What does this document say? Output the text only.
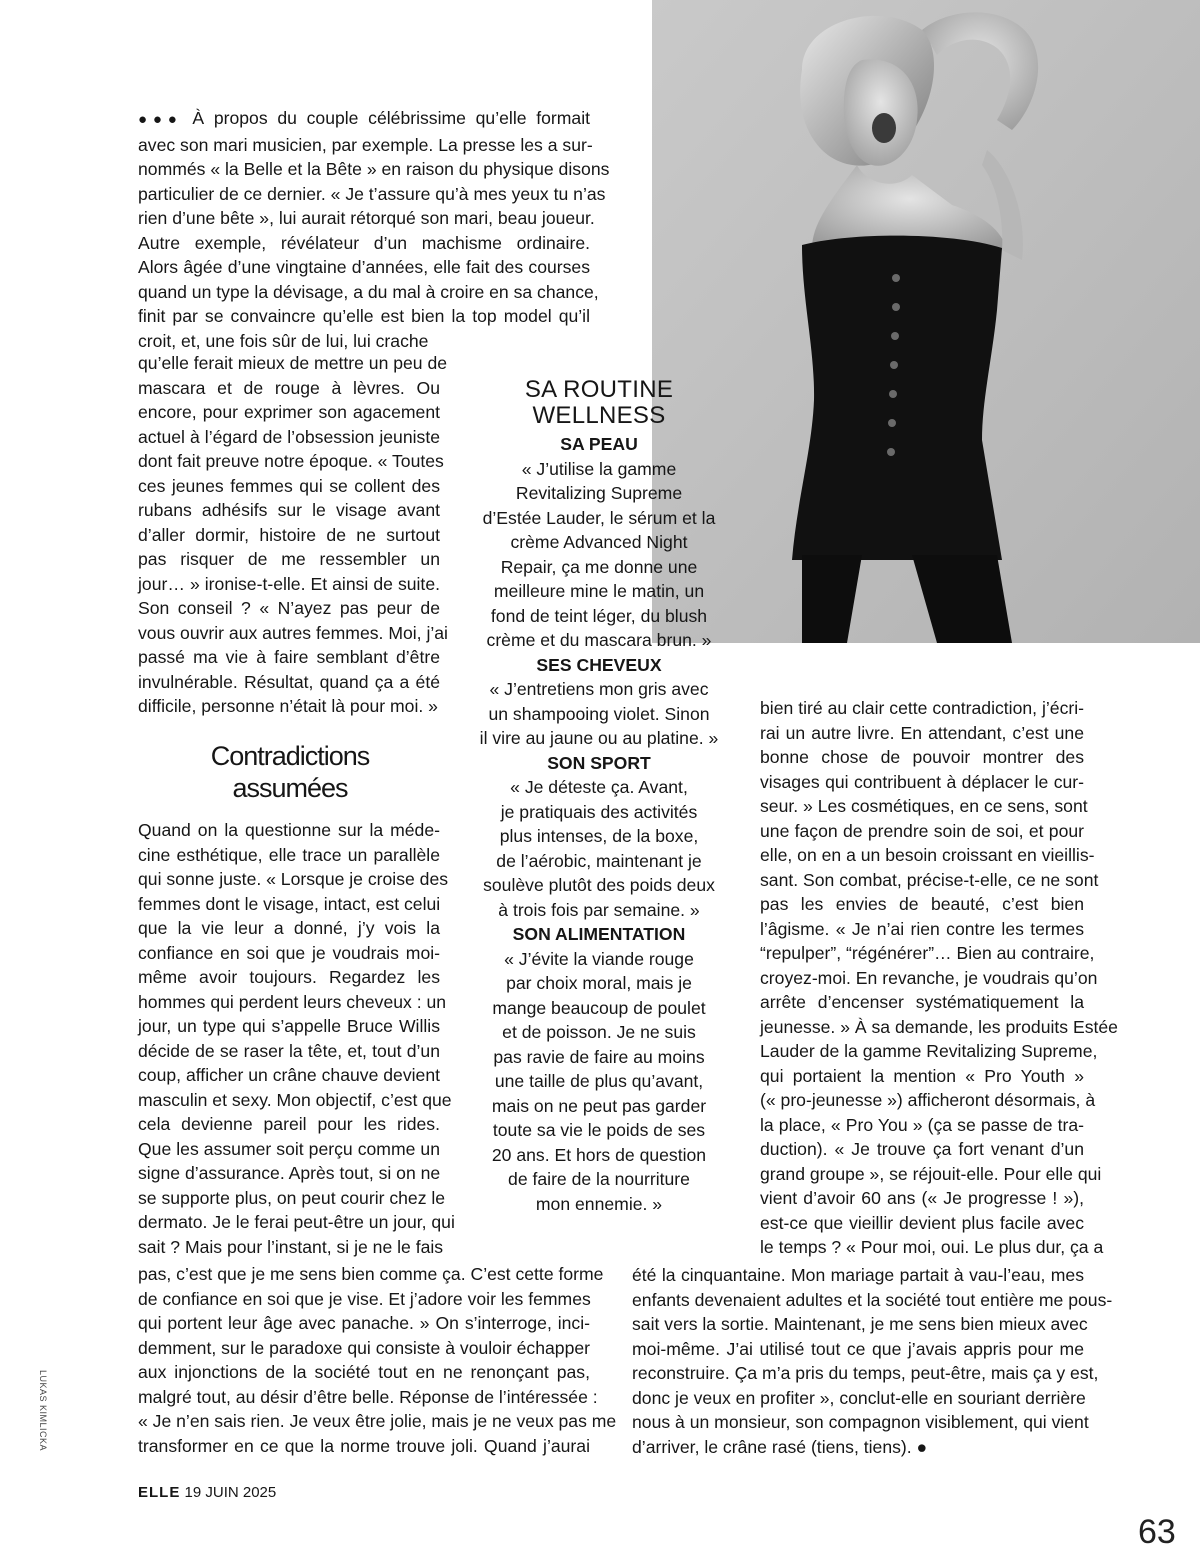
●●● À propos du couple célébrissime qu’elle formait
avec son mari musicien, par exemple. La presse les a sur-
nommés « la Belle et la Bête » en raison du physique disons
particulier de ce dernier. « Je t’assure qu’à mes yeux tu n’as
rien d’une bête », lui aurait rétorqué son mari, beau joueur.
Autre exemple, révélateur d’un machisme ordinaire.
Alors âgée d’une vingtaine d’années, elle fait des courses
quand un type la dévisage, a du mal à croire en sa chance,
finit par se convaincre qu’elle est bien la top model qu’il
croit, et, une fois sûr de lui, lui crache
qu’elle ferait mieux de mettre un peu de
mascara et de rouge à lèvres. Ou
encore, pour exprimer son agacement
actuel à l’égard de l’obsession jeuniste
dont fait preuve notre époque. « Toutes
ces jeunes femmes qui se collent des
rubans adhésifs sur le visage avant
d’aller dormir, histoire de ne surtout
pas risquer de me ressembler un
jour… » ironise-t-elle. Et ainsi de suite.
Son conseil ? « N’ayez pas peur de
vous ouvrir aux autres femmes. Moi, j’ai
passé ma vie à faire semblant d’être
invulnérable. Résultat, quand ça a été
difficile, personne n’était là pour moi. »
Contradictions
assumées
Quand on la questionne sur la méde-
cine esthétique, elle trace un parallèle
qui sonne juste. « Lorsque je croise des
femmes dont le visage, intact, est celui
que la vie leur a donné, j’y vois la
confiance en soi que je voudrais moi-
même avoir toujours. Regardez les
hommes qui perdent leurs cheveux : un
jour, un type qui s’appelle Bruce Willis
décide de se raser la tête, et, tout d’un
coup, afficher un crâne chauve devient
masculin et sexy. Mon objectif, c’est que
cela devienne pareil pour les rides.
Que les assumer soit perçu comme un
signe d’assurance. Après tout, si on ne
se supporte plus, on peut courir chez le
dermato. Je le ferai peut-être un jour, qui
sait ? Mais pour l’instant, si je ne le fais
pas, c’est que je me sens bien comme ça. C’est cette forme
de confiance en soi que je vise. Et j’adore voir les femmes
qui portent leur âge avec panache. » On s’interroge, inci-
demment, sur le paradoxe qui consiste à vouloir échapper
aux injonctions de la société tout en ne renonçant pas,
malgré tout, au désir d’être belle. Réponse de l’intéressée :
« Je n’en sais rien. Je veux être jolie, mais je ne veux pas me
transformer en ce que la norme trouve joli. Quand j’aurai
SA ROUTINE
WELLNESS
SA PEAU
« J’utilise la gamme
Revitalizing Supreme
d’Estée Lauder, le sérum et la
crème Advanced Night
Repair, ça me donne une
meilleure mine le matin, un
fond de teint léger, du blush
crème et du mascara brun. »
SES CHEVEUX
« J’entretiens mon gris avec
un shampooing violet. Sinon
il vire au jaune ou au platine. »
SON SPORT
« Je déteste ça. Avant,
je pratiquais des activités
plus intenses, de la boxe,
de l’aérobic, maintenant je
soulève plutôt des poids deux
à trois fois par semaine. »
SON ALIMENTATION
« J’évite la viande rouge
par choix moral, mais je
mange beaucoup de poulet
et de poisson. Je ne suis
pas ravie de faire au moins
une taille de plus qu’avant,
mais on ne peut pas garder
toute sa vie le poids de ses
20 ans. Et hors de question
de faire de la nourriture
mon ennemie. »
bien tiré au clair cette contradiction, j’écri-
rai un autre livre. En attendant, c’est une
bonne chose de pouvoir montrer des
visages qui contribuent à déplacer le cur-
seur. » Les cosmétiques, en ce sens, sont
une façon de prendre soin de soi, et pour
elle, on en a un besoin croissant en vieillis-
sant. Son combat, précise-t-elle, ce ne sont
pas les envies de beauté, c’est bien
l’âgisme. « Je n’ai rien contre les termes
“repulper”, “régénérer”… Bien au contraire,
croyez-moi. En revanche, je voudrais qu’on
arrête d’encenser systématiquement la
jeunesse. » À sa demande, les produits Estée
Lauder de la gamme Revitalizing Supreme,
qui portaient la mention « Pro Youth »
(« pro-jeunesse ») afficheront désormais, à
la place, « Pro You » (ça se passe de tra-
duction). « Je trouve ça fort venant d’un
grand groupe », se réjouit-elle. Pour elle qui
vient d’avoir 60 ans (« Je progresse ! »),
est-ce que vieillir devient plus facile avec
le temps ? « Pour moi, oui. Le plus dur, ça a
été la cinquantaine. Mon mariage partait à vau-l’eau, mes
enfants devenaient adultes et la société tout entière me pous-
sait vers la sortie. Maintenant, je me sens bien mieux avec
moi-même. J’ai utilisé tout ce que j’avais appris pour me
reconstruire. Ça m’a pris du temps, peut-être, mais ça y est,
donc je veux en profiter », conclut-elle en souriant derrière
nous à un monsieur, son compagnon visiblement, qui vient
d’arriver, le crâne rasé (tiens, tiens). ●
LUKAS KIMLICKA
ELLE 19 JUIN 2025
63
